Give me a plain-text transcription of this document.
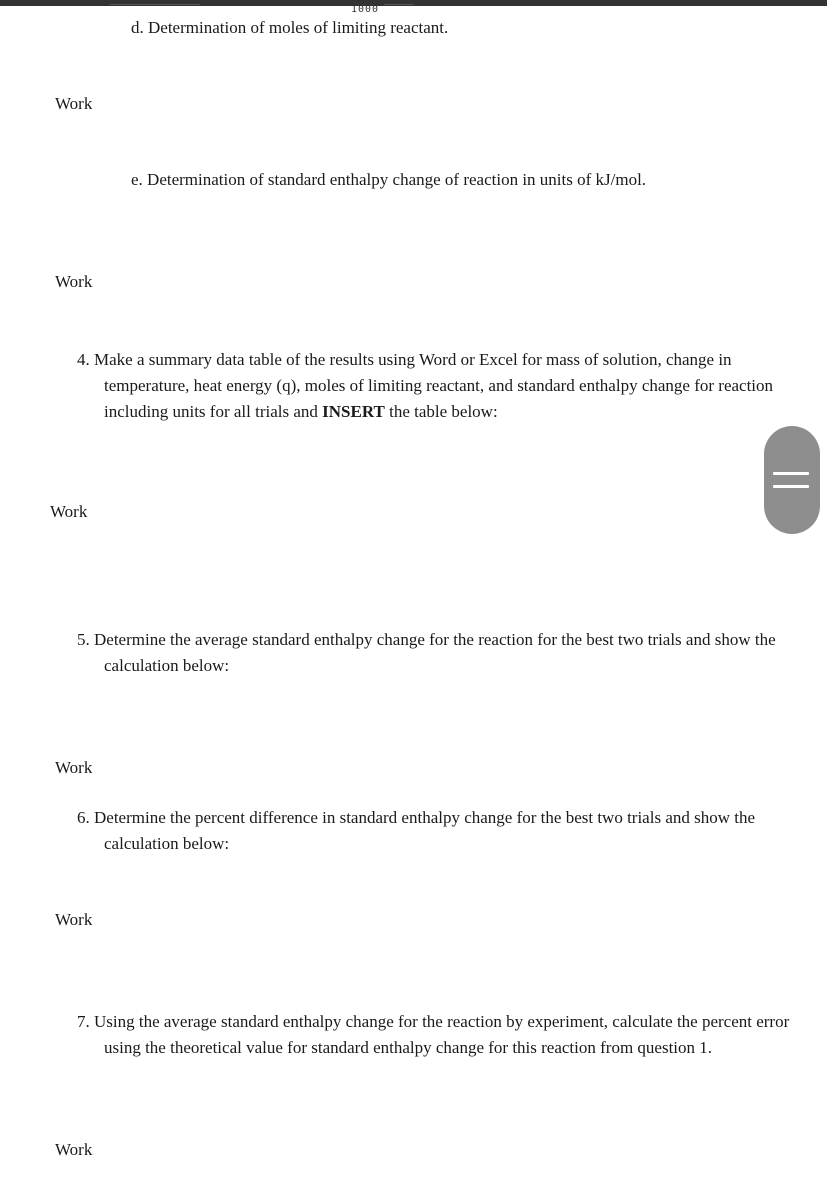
1000
d. Determination of moles of limiting reactant.
Work
e. Determination of standard enthalpy change of reaction in units of kJ/mol.
Work
4. Make a summary data table of the results using Word or Excel for mass of solution, change in temperature, heat energy (q), moles of limiting reactant, and standard enthalpy change for reaction including units for all trials and INSERT the table below:
Work
5. Determine the average standard enthalpy change for the reaction for the best two trials and show the calculation below:
Work
6. Determine the percent difference in standard enthalpy change for the best two trials and show the calculation below:
Work
7. Using the average standard enthalpy change for the reaction by experiment, calculate the percent error using the theoretical value for standard enthalpy change for this reaction from question 1.
Work
